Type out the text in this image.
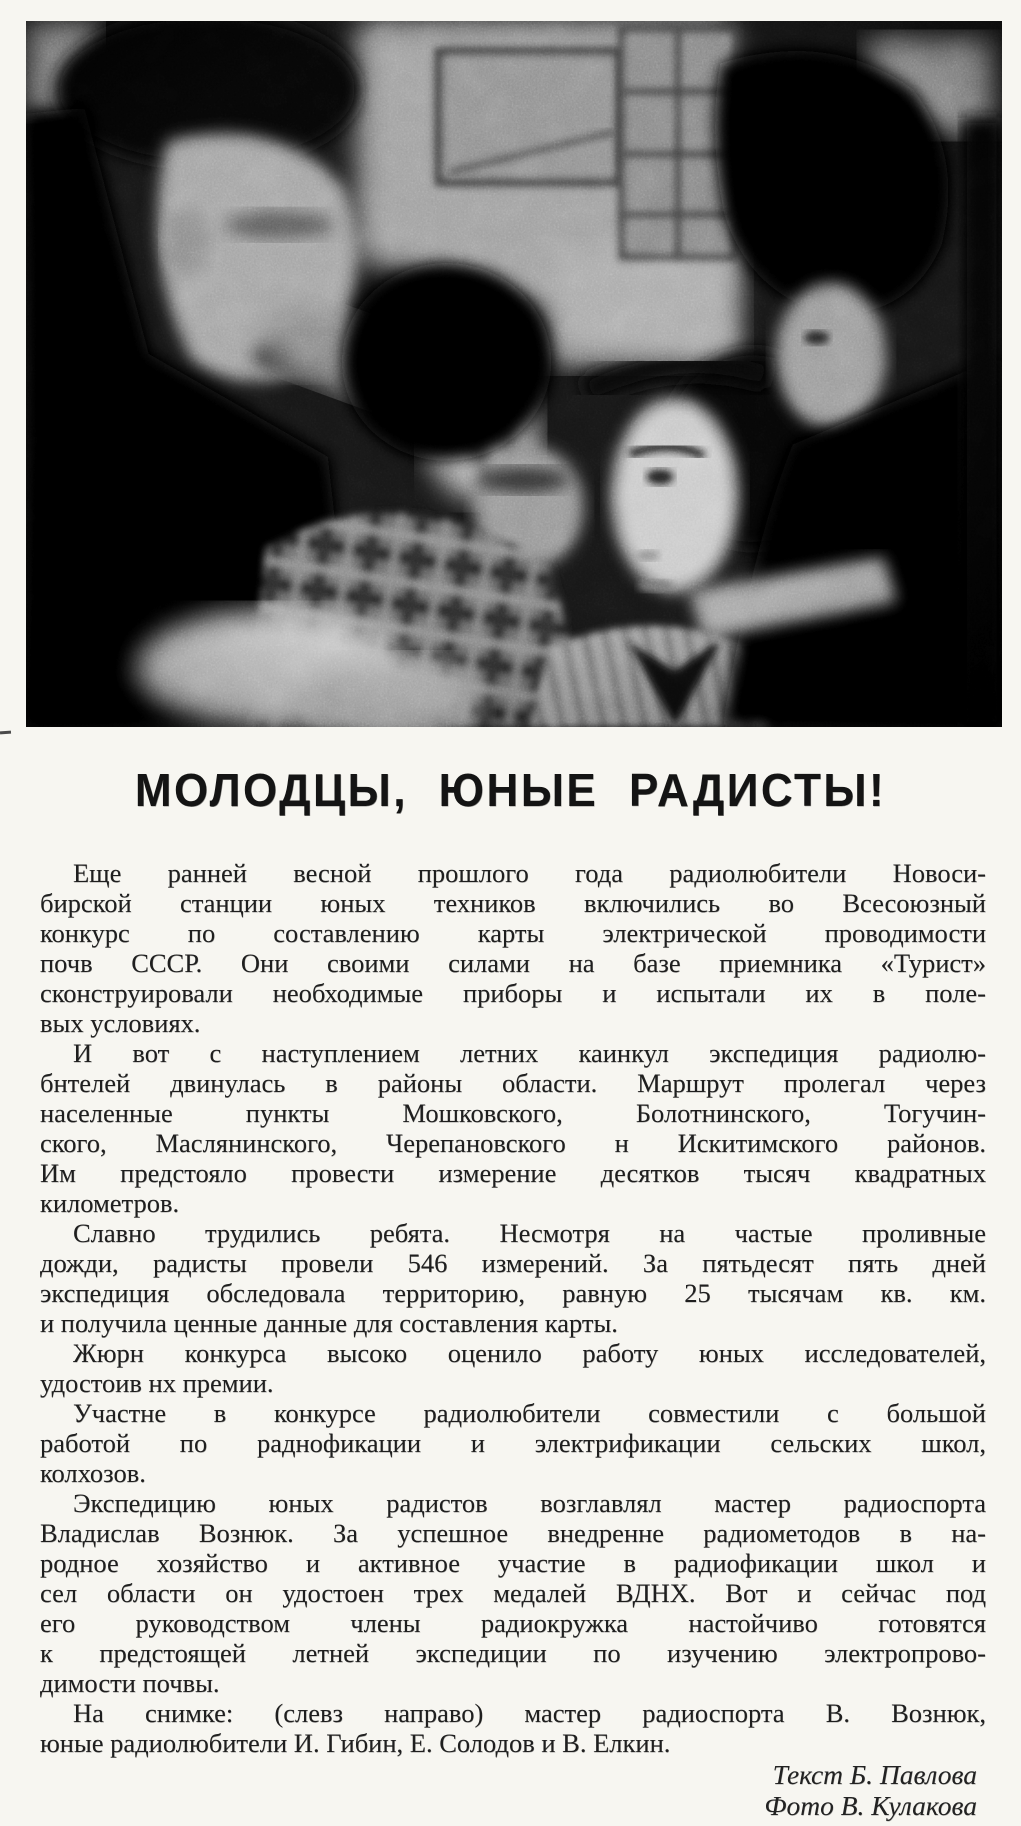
МОЛОДЦЫ, ЮНЫЕ РАДИСТЫ!

Еще ранней весной прошлого года радиолюбители Новоси-
бирской станции юных техников включились во Всесоюзный
конкурс по составлению карты электрической проводимости
почв СССР. Они своими силами на базе приемника «Турист»
сконструировали необходимые приборы и испытали их в поле-
вых условиях.

И вот с наступлением летних каинкул экспедиция радиолю-
бнтелей двинулась в районы области. Маршрут пролегал через
населенные пункты Мошковского, Болотнинского, Тогучин-
ского, Маслянинского, Черепановского н Искитимского районов.
Им предстояло провести измерение десятков тысяч квадратных
километров.

Славно трудились ребята. Несмотря на частые проливные
дожди, радисты провели 546 измерений. За пятьдесят пять дней
экспедиция обследовала территорию, равную 25 тысячам кв. км.
и получила ценные данные для составления карты.

Жюрн конкурса высоко оценило работу юных исследователей,
удостоив нх премии.

Участне в конкурсе радиолюбители совместили с большой
работой по раднофикации и электрификации сельских школ,
колхозов.

Экспедицию юных радистов возглавлял мастер радиоспорта
Владислав Вознюк. За успешное внедренне радиометодов в на-
родное хозяйство и активное участие в радиофикации школ и
сел области он удостоен трех медалей ВДНХ. Вот и сейчас под
его руководством члены радиокружка настойчиво готовятся
к предстоящей летней экспедиции по изучению электропрово-
димости почвы.

На снимке: (слевз направо) мастер радиоспорта В. Вознюк,
юные радиолюбители И. Гибин, Е. Солодов и В. Елкин.

Текст Б. Павлова
Фото В. Кулакова
